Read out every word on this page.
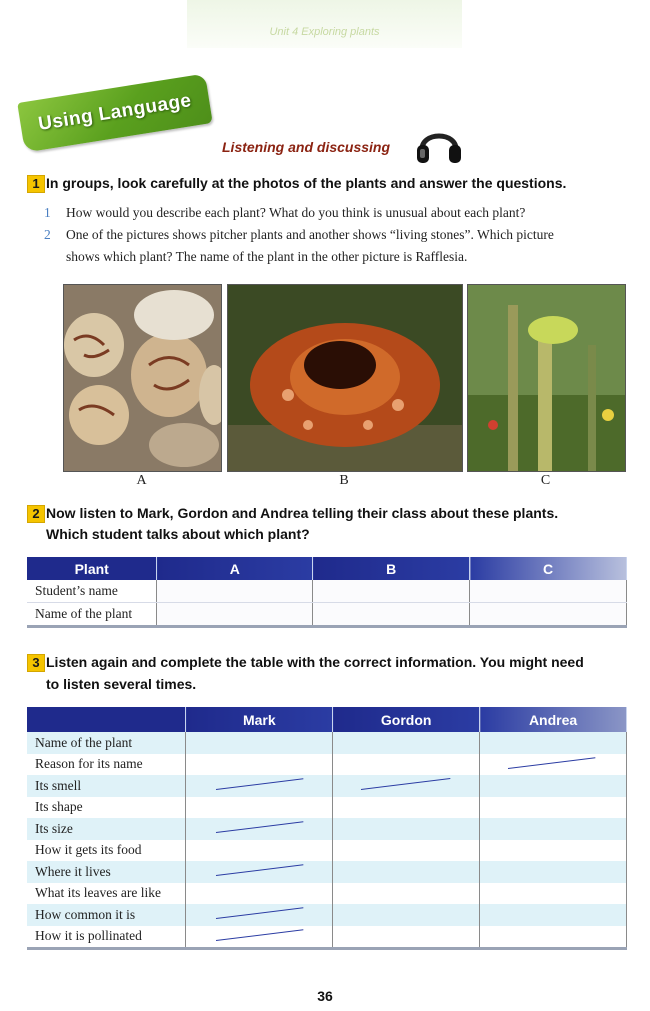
Unit 4 Exploring plants
Using Language
Listening and discussing
1 In groups, look carefully at the photos of the plants and answer the questions.
1 How would you describe each plant? What do you think is unusual about each plant?
2 One of the pictures shows pitcher plants and another shows “living stones”. Which picture
shows which plant? The name of the plant in the other picture is Rafflesia.
A	B	C
2 Now listen to Mark, Gordon and Andrea telling their class about these plants.
Which student talks about which plant?
Plant	A	B	C
Student’s name			
Name of the plant			
3 Listen again and complete the table with the correct information. You might need
to listen several times.
	Mark	Gordon	Andrea
Name of the plant			
Reason for its name			

Its smell	

Its shape			
Its size	

How it gets its food			
Where it lives	

What its leaves are like			
How common it is	

How it is pollinated	

36
